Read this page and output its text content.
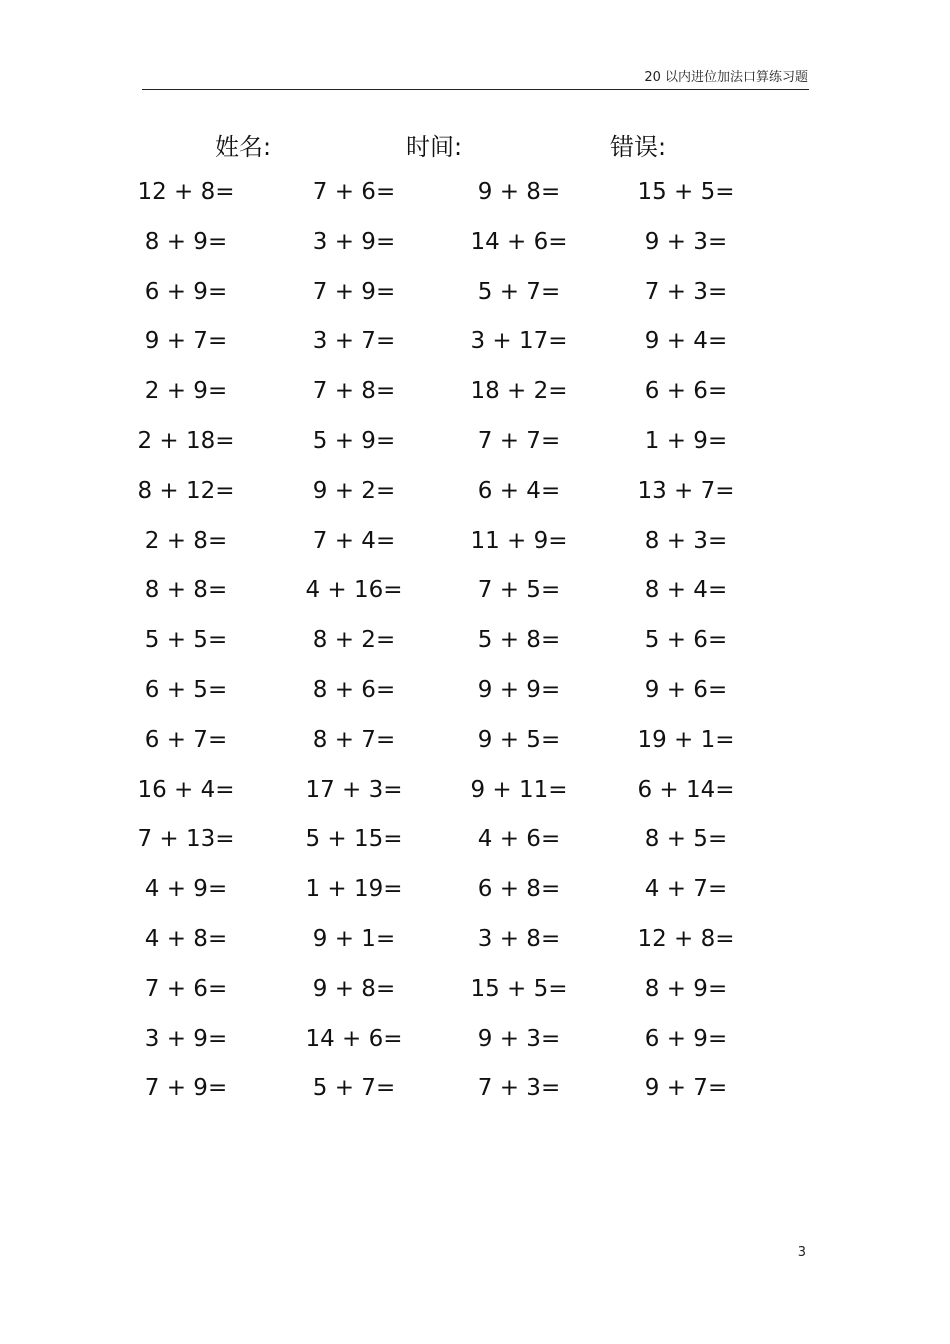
20 以内进位加法口算练习题
姓名:	时间:	错误:
12 + 8=	7 + 6=	9 + 8=	15 + 5=
8 + 9=	3 + 9=	14 + 6=	9 + 3=
6 + 9=	7 + 9=	5 + 7=	7 + 3=
9 + 7=	3 + 7=	3 + 17=	9 + 4=
2 + 9=	7 + 8=	18 + 2=	6 + 6=
2 + 18=	5 + 9=	7 + 7=	1 + 9=
8 + 12=	9 + 2=	6 + 4=	13 + 7=
2 + 8=	7 + 4=	11 + 9=	8 + 3=
8 + 8=	4 + 16=	7 + 5=	8 + 4=
5 + 5=	8 + 2=	5 + 8=	5 + 6=
6 + 5=	8 + 6=	9 + 9=	9 + 6=
6 + 7=	8 + 7=	9 + 5=	19 + 1=
16 + 4=	17 + 3=	9 + 11=	6 + 14=
7 + 13=	5 + 15=	4 + 6=	8 + 5=
4 + 9=	1 + 19=	6 + 8=	4 + 7=
4 + 8=	9 + 1=	3 + 8=	12 + 8=
7 + 6=	9 + 8=	15 + 5=	8 + 9=
3 + 9=	14 + 6=	9 + 3=	6 + 9=
7 + 9=	5 + 7=	7 + 3=	9 + 7=
3
